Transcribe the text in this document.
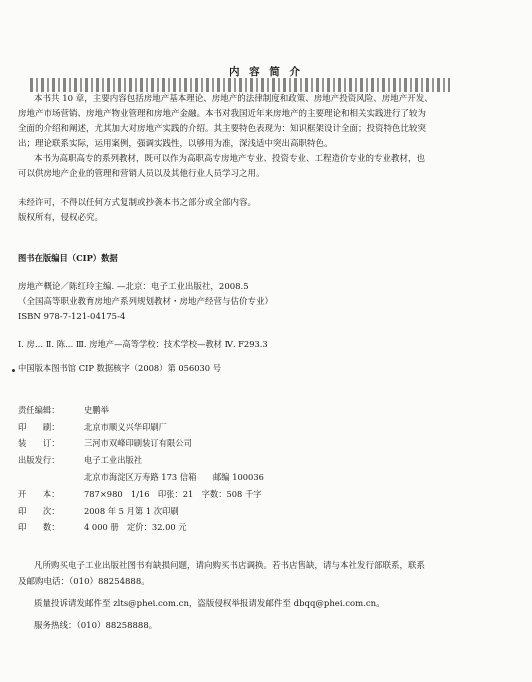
内 容 简 介

本书共 10 章，主要内容包括房地产基本理论、房地产的法律制度和政策、房地产投资风险、房地产开发、

房地产市场营销、房地产物业管理和房地产金融。本书对我国近年来房地产的主要理论和相关实践进行了较为

全面的介绍和阐述，尤其加大对房地产实践的介绍。其主要特色表现为：知识框架设计全面；投资特色比较突

出；理论联系实际，运用案例，强调实践性，以够用为准，深浅适中突出高职特色。

本书为高职高专的系列教材，既可以作为高职高专房地产专业、投资专业、工程造价专业的专业教材，也

可以供房地产企业的管理和营销人员以及其他行业人员学习之用。

未经许可，不得以任何方式复制或抄袭本书之部分或全部内容。

版权所有，侵权必究。

图书在版编目（CIP）数据

房地产概论／陈红玲主编. —北京：电子工业出版社，2008.5

（全国高等职业教育房地产系列规划教材・房地产经营与估价专业）

ISBN 978-7-121-04175-4

Ⅰ. 房… Ⅱ. 陈… Ⅲ. 房地产—高等学校：技术学校—教材 Ⅳ. F293.3
中国版本图书馆 CIP 数据核字（2008）第 056030 号
责任编辑：	史鹏举
印　　刷：	北京市顺义兴华印刷厂
装　　订：	三河市双峰印刷装订有限公司
出版发行：	电子工业出版社
北京市海淀区万寿路 173 信箱　　邮编 100036
开　　本：	787×980　1/16　印张：21　字数：508 千字
印　　次：	2008 年 5 月第 1 次印刷
印　　数：	4 000 册　定价：32.00 元

凡所购买电子工业出版社图书有缺损问题，请向购买书店调换。若书店售缺，请与本社发行部联系，联系

及邮购电话：（010）88254888。

质量投诉请发邮件至 zlts@phei.com.cn，盗版侵权举报请发邮件至 dbqq@phei.com.cn。

服务热线：（010）88258888。
